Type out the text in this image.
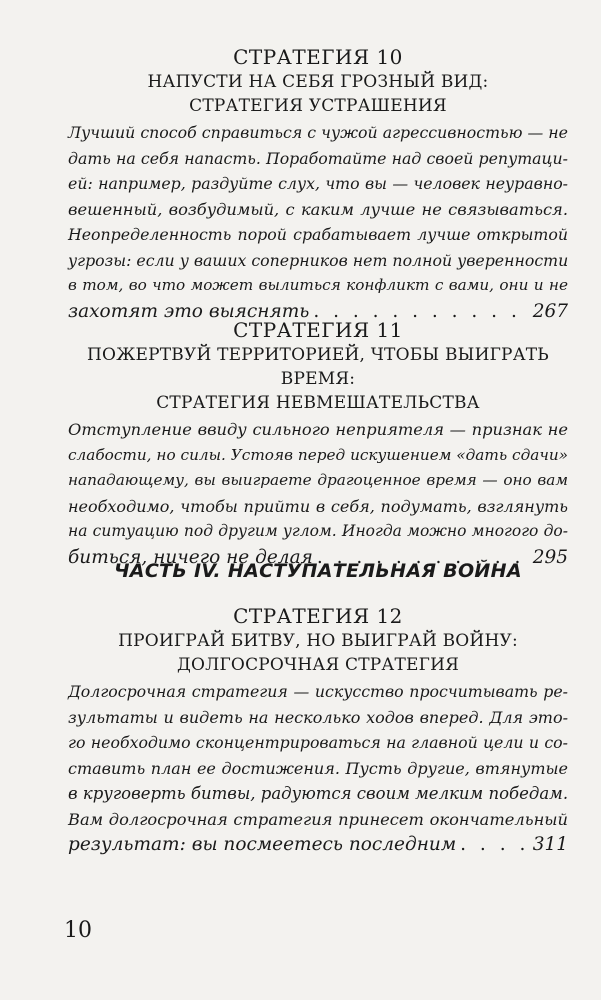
СТРАТЕГИЯ 10
НАПУСТИ НА СЕБЯ ГРОЗНЫЙ ВИД:
СТРАТЕГИЯ УСТРАШЕНИЯ
Лучший способ справиться с чужой агрессивностью — не
дать на себя напасть. Поработайте над своей репутаци-
ей: например, раздуйте слух, что вы — человек неуравно-
вешенный, возбудимый, с каким лучше не связываться.
Неопределенность порой срабатывает лучше открытой
угрозы: если у ваших соперников нет полной уверенности
в том, во что может вылиться конфликт с вами, они и не
захотят это выяснять . . .	267
СТРАТЕГИЯ 11
ПОЖЕРТВУЙ ТЕРРИТОРИЕЙ, ЧТОБЫ ВЫИГРАТЬ ВРЕМЯ:
СТРАТЕГИЯ НЕВМЕШАТЕЛЬСТВА
Отступление ввиду сильного неприятеля — признак не
слабости, но силы. Устояв перед искушением «дать сдачи»
нападающему, вы выиграете драгоценное время — оно вам
необходимо, чтобы прийти в себя, подумать, взглянуть
на ситуацию под другим углом. Иногда можно многого до-
биться, ничего не делая . . .	295
ЧАСТЬ IV. НАСТУПАТЕЛЬНАЯ ВОЙНА
СТРАТЕГИЯ 12
ПРОИГРАЙ БИТВУ, НО ВЫИГРАЙ ВОЙНУ:
ДОЛГОСРОЧНАЯ СТРАТЕГИЯ
Долгосрочная стратегия — искусство просчитывать ре-
зультаты и видеть на несколько ходов вперед. Для это-
го необходимо сконцентрироваться на главной цели и со-
ставить план ее достижения. Пусть другие, втянутые
в круговерть битвы, радуются своим мелким победам.
Вам долгосрочная стратегия принесет окончательный
результат: вы посмеетесь последним . . .	311
10
